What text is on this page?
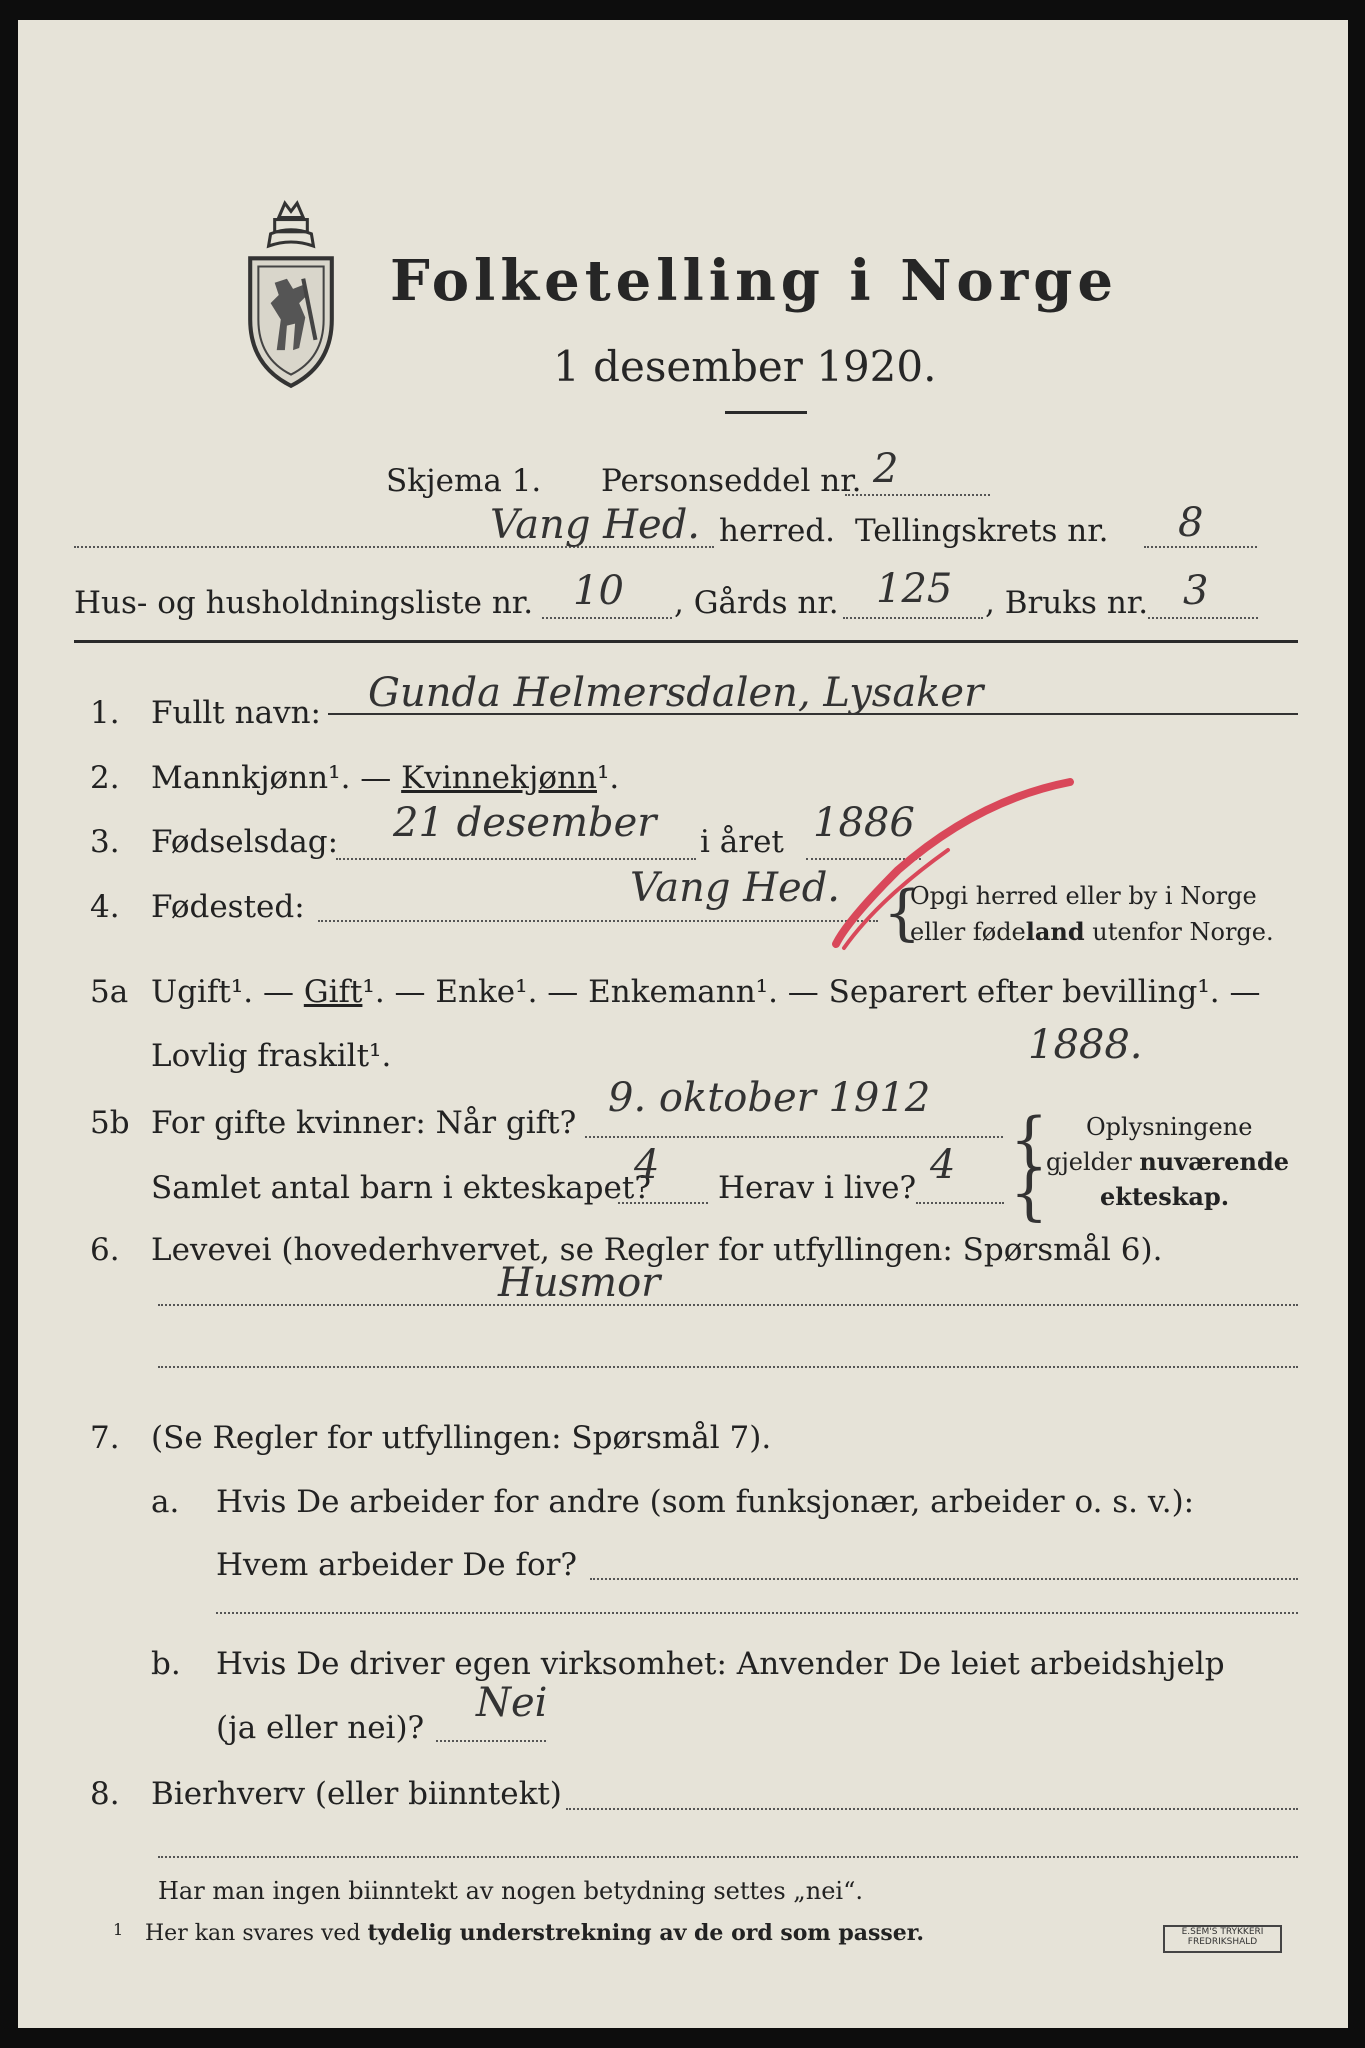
Folketelling i Norge
1 desember 1920.
Skjema 1. Personseddel nr. 2
Vang Hed. herred. Tellingskrets nr. 8
Hus- og husholdningsliste nr. 10 , Gårds nr. 125 , Bruks nr. 3
1. Fullt navn: Gunda Helmersdalen, Lysaker
2. Mannkjønn¹. — Kvinnekjønn¹.
3. Fødselsdag: 21 desember i året 1886
4. Fødested:	Vang Hed. {
Opgi herred eller by i Norge
eller fødeland utenfor Norge.
5a Ugift¹. — Gift¹. — Enke¹. — Enkemann¹. — Separert efter bevilling¹. —
Lovlig fraskilt¹.
5b For gifte kvinner: Når gift?
9. oktober 1912
1888.
Samlet antal barn i ekteskapet?
4 Herav i live? 4 {
{
Oplysningene
gjelder nuværende
ekteskap.
6. Levevei (hovederhvervet, se Regler for utfyllingen: Spørsmål 6).
Husmor
7. (Se Regler for utfyllingen: Spørsmål 7).
a. Hvis De arbeider for andre (som funksjonær, arbeider o. s. v.):
Hvem arbeider De for?
b. Hvis De driver egen virksomhet: Anvender De leiet arbeidshjelp
(ja eller nei)?
Nei
8. Bierhverv (eller biinntekt)
Har man ingen biinntekt av nogen betydning settes „nei“.
1 Her kan svares ved tydelig understrekning av de ord som passer.	E.SEM'S TRYKKERI
FREDRIKSHALD
